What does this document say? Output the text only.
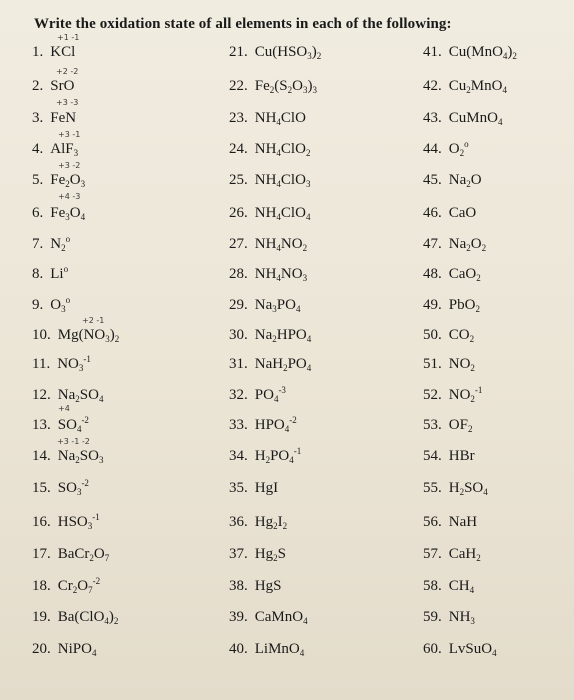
Write the oxidation state of all elements in each of the following:
1. KCl
2. SrO
3. FeN
4. AlF$_3$
5. $Fe_2O_3$
6. $Fe_3O_4$
7. $N_2^o$
8. Li$^o$
9. $O_3^o$
10. $Mg(NO_3)_2$
11. $NO_3^{-1}$
12. $Na_2SO_4$
13. $SO_4^{-2}$
14. $Na_2SO_3$
15. $SO_3^{-2}$
16. $HSO_3^{-1}$
17. $BaCr_2O_7$
18. $Cr_2O_7^{-2}$
19. $Ba(ClO_4)_2$
20. NiPO$_4$
21. $Cu(HSO_3)_2$
22. $Fe_2(S_2O_3)_3$
23. $NH_4ClO$
24. $NH_4ClO_2$
25. $NH_4ClO_3$
26. $NH_4ClO_4$
27. $NH_4NO_2$
28. $NH_4NO_3$
29. $Na_3PO_4$
30. $Na_2HPO_4$
31. $NaH_2PO_4$
32. $PO_4^{-3}$
33. $HPO_4^{-2}$
34. $H_2PO_4^{-1}$
35. HgI
36. $Hg_2I_2$
37. $Hg_2S$
38. HgS
39. CaMnO$_4$
40. LiMnO$_4$
41. $Cu(MnO_4)_2$
42. $Cu_2MnO_4$
43. CuMnO$_4$
44. $O_2^o$
45. $Na_2O$
46. CaO
47. $Na_2O_2$
48. CaO$_2$
49. PbO$_2$
50. $CO_2$
51. $NO_2$
52. $NO_2^{-1}$
53. $OF_2$
54. HBr
55. $H_2SO_4$
56. NaH
57. CaH$_2$
58. $CH_4$
59. $NH_3$
60. LvSuO$_4$
+1 -1
+2 -2
+3 -3
+3 -1
+3 -2
+4 -3
+2 -1
+4
+3 -1 -2
